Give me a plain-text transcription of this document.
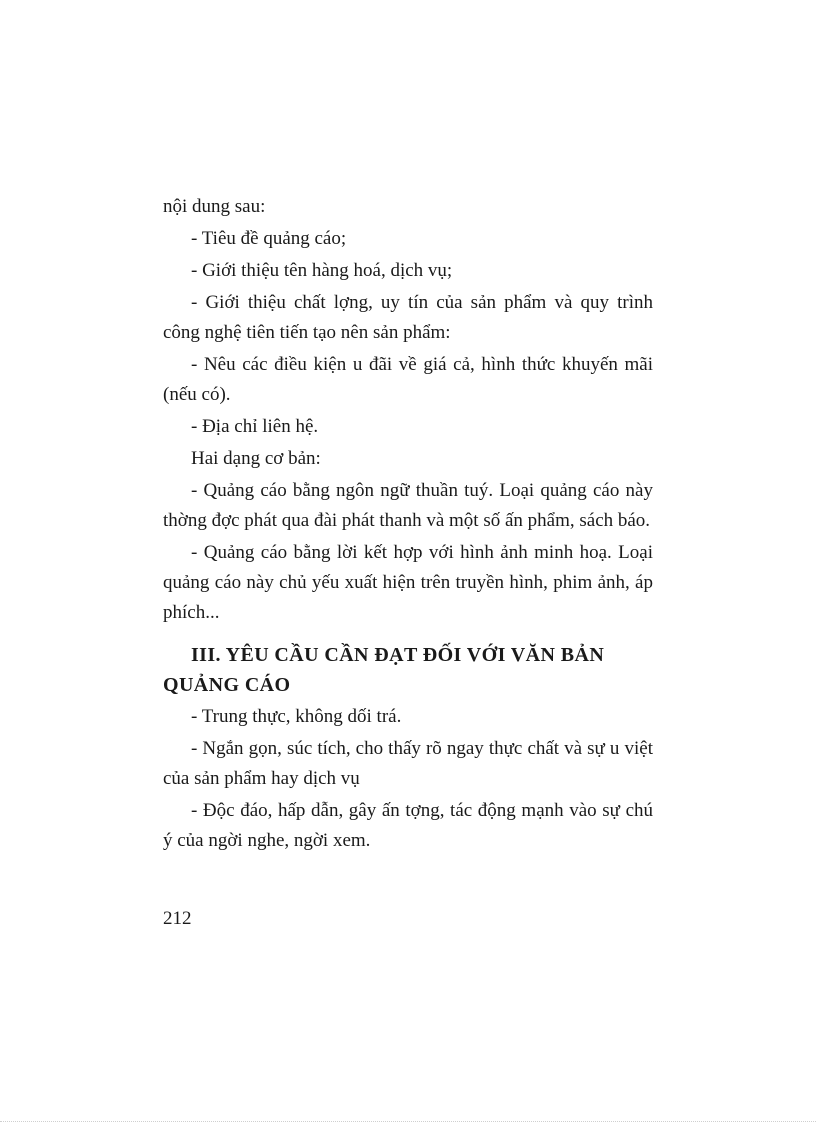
nội dung sau:

- Tiêu đề quảng cáo;

- Giới thiệu tên hàng hoá, dịch vụ;

- Giới thiệu chất lợng, uy tín của sản phẩm và quy trình công nghệ tiên tiến tạo nên sản phẩm:

- Nêu các điều kiện u đãi về giá cả, hình thức khuyến mãi (nếu có).

- Địa chỉ liên hệ.

Hai dạng cơ bản:

- Quảng cáo bằng ngôn ngữ thuần tuý. Loại quảng cáo này thờng đợc phát qua đài phát thanh và một số ấn phẩm, sách báo.

- Quảng cáo bằng lời kết hợp với hình ảnh minh hoạ. Loại quảng cáo này chủ yếu xuất hiện trên truyền hình, phim ảnh, áp phích...

III. YÊU CẦU CẦN ĐẠT ĐỐI VỚI VĂN BẢN

QUẢNG CÁO

- Trung thực, không dối trá.

- Ngắn gọn, súc tích, cho thấy rõ ngay thực chất và sự u việt của sản phẩm hay dịch vụ

- Độc đáo, hấp dẫn, gây ấn tợng, tác động mạnh vào sự chú ý của ngời nghe, ngời xem.

212
